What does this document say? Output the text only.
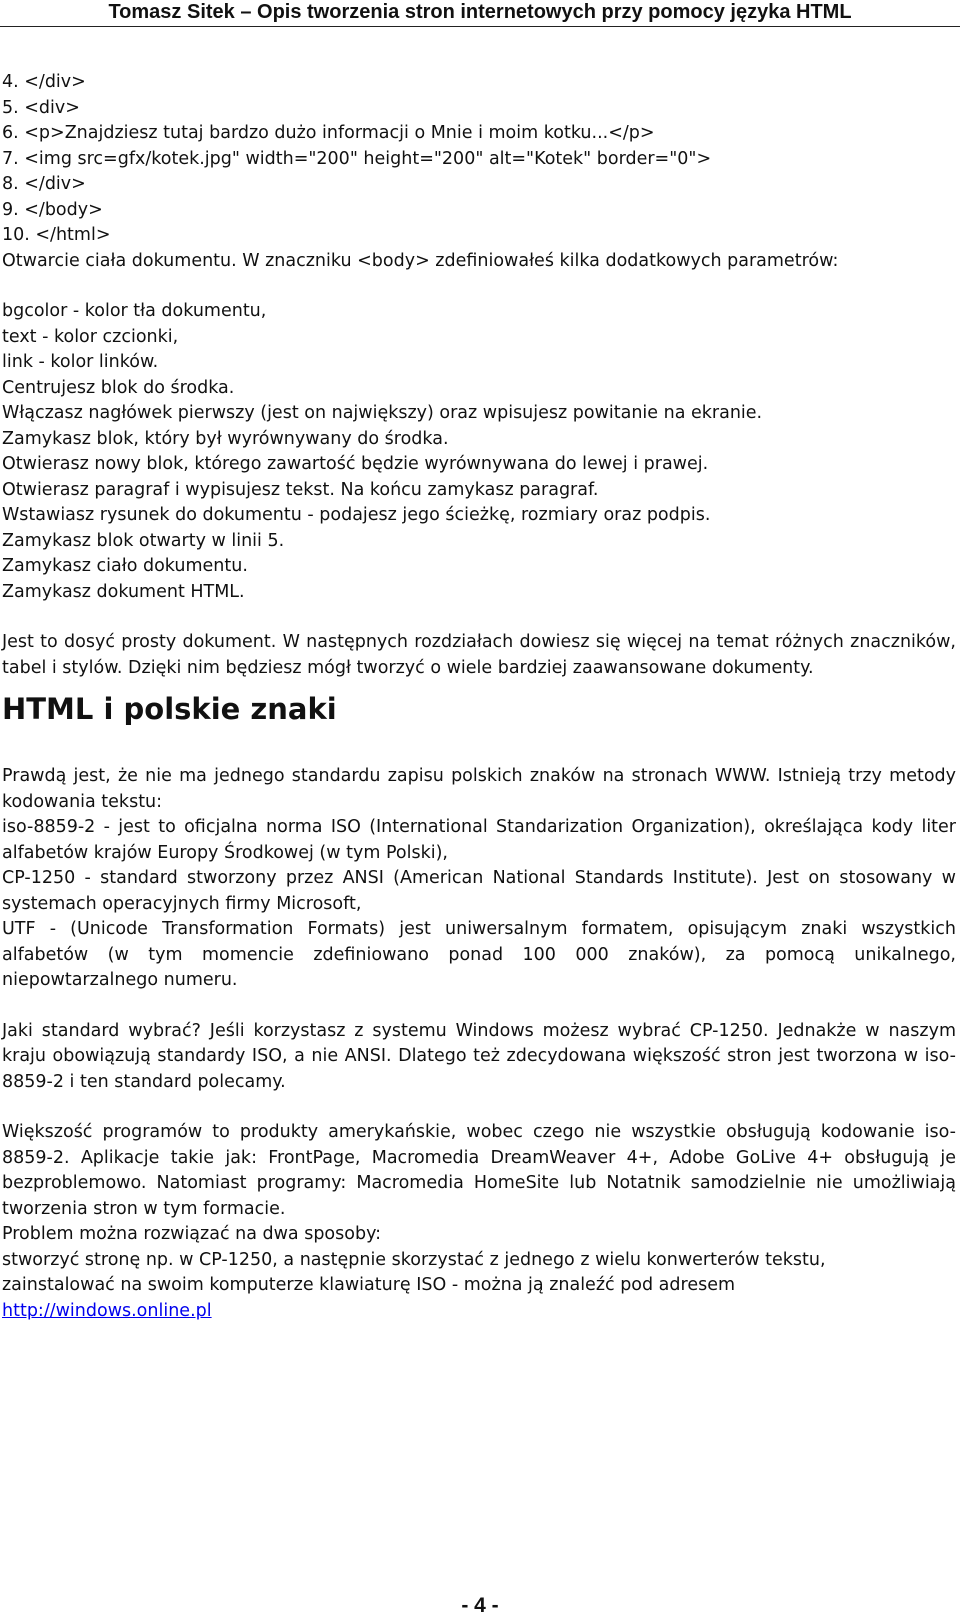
Tomasz Sitek – Opis tworzenia stron internetowych przy pomocy języka HTML

4. </div>

5. <div>

6. <p>Znajdziesz tutaj bardzo dużo informacji o Mnie i moim kotku...</p>

7. <img src=gfx/kotek.jpg" width="200" height="200" alt="Kotek" border="0">

8. </div>

9. </body>

10. </html>

Otwarcie ciała dokumentu. W znaczniku <body> zdefiniowałeś kilka dodatkowych parametrów:

bgcolor - kolor tła dokumentu,

text - kolor czcionki,

link - kolor linków.

Centrujesz blok do środka.

Włączasz nagłówek pierwszy (jest on największy) oraz wpisujesz powitanie na ekranie.

Zamykasz blok, który był wyrównywany do środka.

Otwierasz nowy blok, którego zawartość będzie wyrównywana do lewej i prawej.

Otwierasz paragraf i wypisujesz tekst. Na końcu zamykasz paragraf.

Wstawiasz rysunek do dokumentu - podajesz jego ścieżkę, rozmiary oraz podpis.

Zamykasz blok otwarty w linii 5.

Zamykasz ciało dokumentu.

Zamykasz dokument HTML.

Jest to dosyć prosty dokument. W następnych rozdziałach dowiesz się więcej na temat różnych znaczników, tabel i stylów. Dzięki nim będziesz mógł tworzyć o wiele bardziej zaawansowane dokumenty.

HTML i polskie znaki

Prawdą jest, że nie ma jednego standardu zapisu polskich znaków na stronach WWW. Istnieją trzy metody kodowania tekstu:

iso-8859-2 - jest to oficjalna norma ISO (International Standarization Organization), określająca kody liter alfabetów krajów Europy Środkowej (w tym Polski),

CP-1250 - standard stworzony przez ANSI (American National Standards Institute). Jest on stosowany w systemach operacyjnych firmy Microsoft,

UTF - (Unicode Transformation Formats) jest uniwersalnym formatem, opisującym znaki wszystkich alfabetów (w tym momencie zdefiniowano ponad 100 000 znaków), za pomocą unikalnego, niepowtarzalnego numeru.

Jaki standard wybrać? Jeśli korzystasz z systemu Windows możesz wybrać CP-1250. Jednakże w naszym kraju obowiązują standardy ISO, a nie ANSI. Dlatego też zdecydowana większość stron jest tworzona w iso-8859-2 i ten standard polecamy.

Większość programów to produkty amerykańskie, wobec czego nie wszystkie obsługują kodowanie iso-8859-2. Aplikacje takie jak: FrontPage, Macromedia DreamWeaver 4+, Adobe GoLive 4+ obsługują je bezproblemowo. Natomiast programy: Macromedia HomeSite lub Notatnik samodzielnie nie umożliwiają tworzenia stron w tym formacie.

Problem można rozwiązać na dwa sposoby:

stworzyć stronę np. w CP-1250, a następnie skorzystać z jednego z wielu konwerterów tekstu,

zainstalować na swoim komputerze klawiaturę ISO - można ją znaleźć pod adresem

http://windows.online.pl

- 4 -
